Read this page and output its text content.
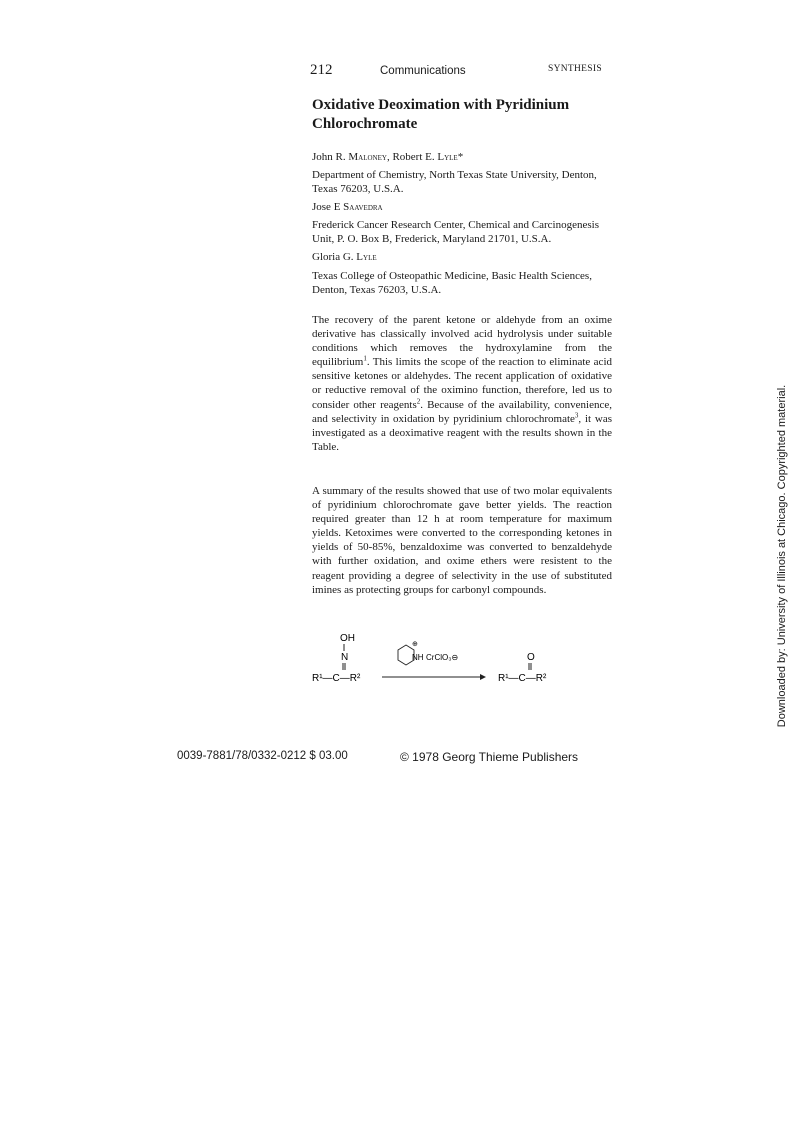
212	Communications	SYNTHESIS
Oxidative Deoximation with Pyridinium Chlorochromate
John R. Maloney, Robert E. Lyle*
Department of Chemistry, North Texas State University, Denton, Texas 76203, U.S.A.
Jose E Saavedra
Frederick Cancer Research Center, Chemical and Carcinogenesis Unit, P. O. Box B, Frederick, Maryland 21701, U.S.A.
Gloria G. Lyle
Texas College of Osteopathic Medicine, Basic Health Sciences, Denton, Texas 76203, U.S.A.
The recovery of the parent ketone or aldehyde from an oxime derivative has classically involved acid hydrolysis under suitable conditions which removes the hydroxylamine from the equilibrium$^1$. This limits the scope of the reaction to eliminate acid sensitive ketones or aldehydes. The recent application of oxidative or reductive removal of the oximino function, therefore, led us to consider other reagents$^2$. Because of the availability, convenience, and selectivity in oxidation by pyridinium chlorochromate$^3$, it was investigated as a deoximative reagent with the results shown in the Table.
A summary of the results showed that use of two molar equivalents of pyridinium chlorochromate gave better yields. The reaction required greater than 12 h at room temperature for maximum yields. Ketoximes were converted to the corresponding ketones in yields of 50-85%, benzaldoxime was converted to benzaldehyde with further oxidation, and oxime ethers were resistent to the reagent providing a degree of selectivity in the use of substituted imines as protecting groups for carbonyl compounds.
OH
N
R¹—C—R²
⊕
NH CrClO₃⊖	O
R¹—C—R²
0039-7881/78/0332-0212 $ 03.00	© 1978 Georg Thieme Publishers
Downloaded by: University of Illinois at Chicago. Copyrighted material.
